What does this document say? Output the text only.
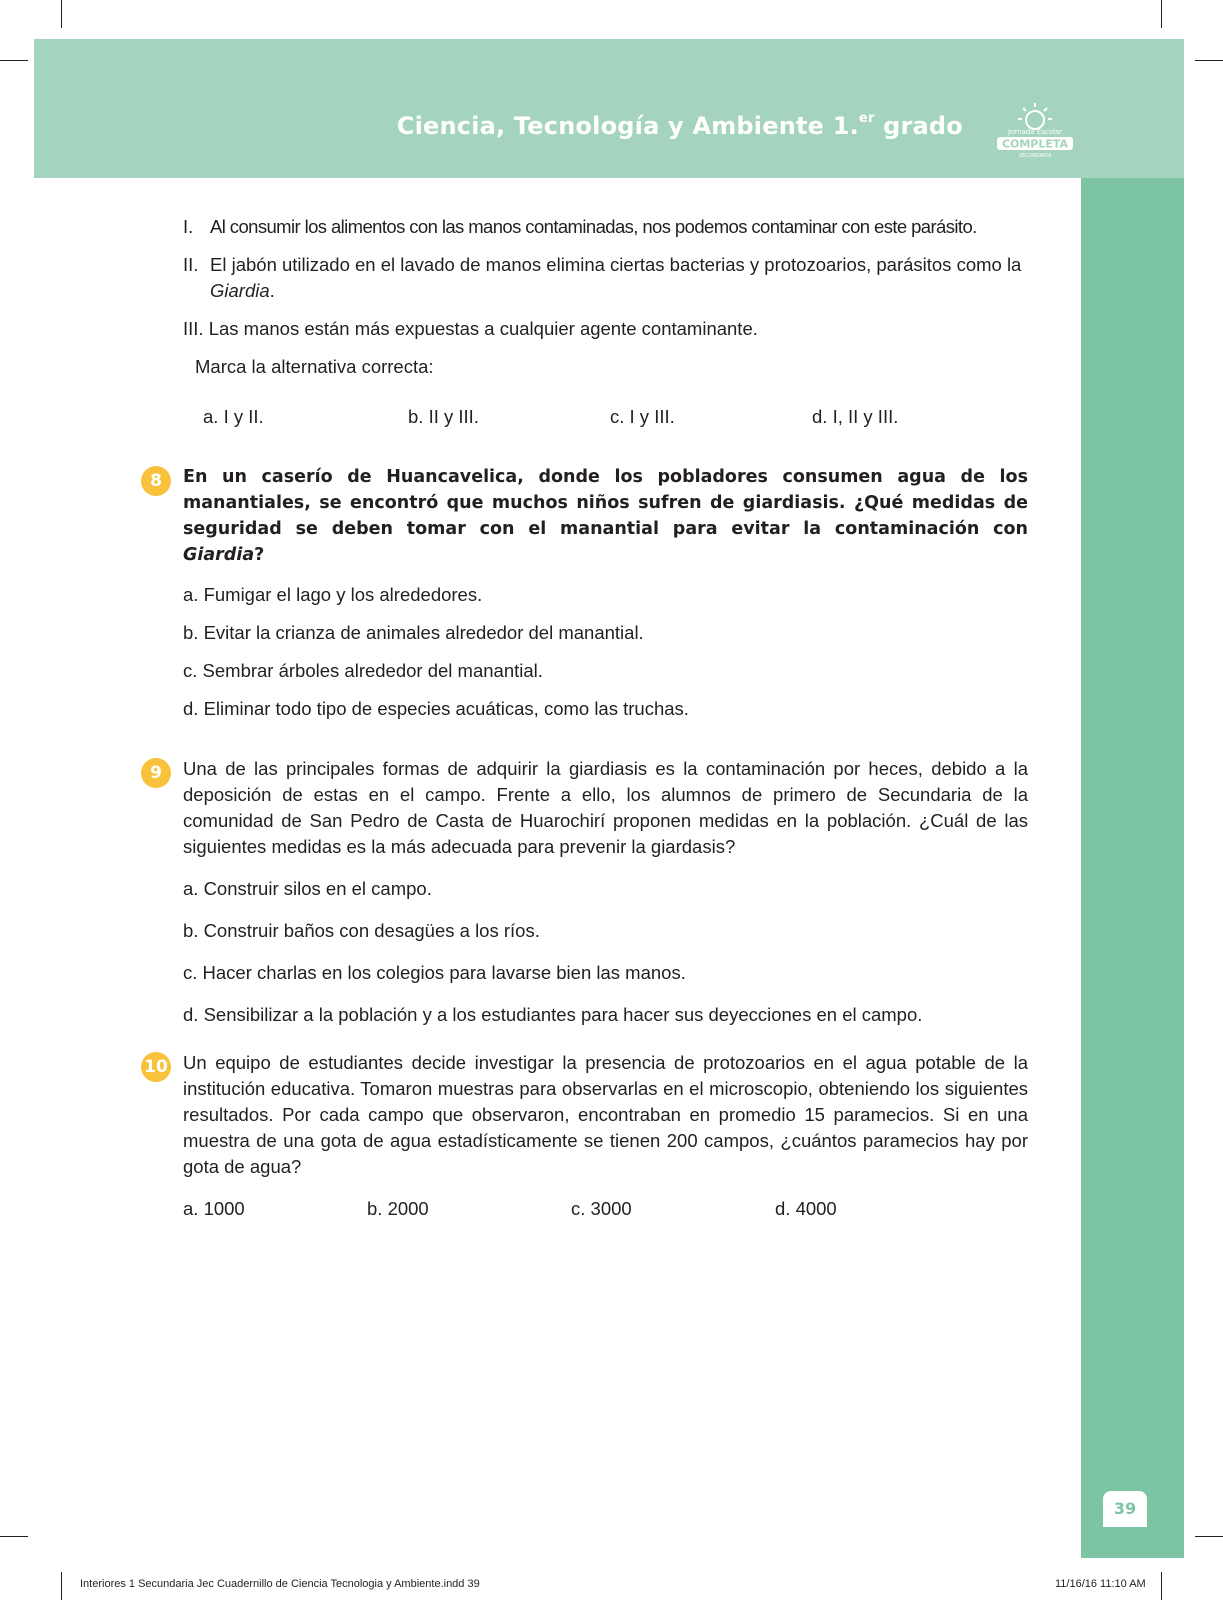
Ciencia, Tecnología y Ambiente 1.$^{er}$ grado	Jornada Escolar
COMPLETA
SECUNDARIA
39
I. Al consumir los alimentos con las manos contaminadas, nos podemos contaminar con este parásito.
II. El jabón utilizado en el lavado de manos elimina ciertas bacterias y protozoarios, parásitos como la Giardia.
III. Las manos están más expuestas a cualquier agente contaminante.
Marca la alternativa correcta:
a. I y II.	b. II y III.	c. I y III.	d. I, II y III.
8	En un caserío de Huancavelica, donde los pobladores consumen agua de los manantiales, se encontró que muchos niños sufren de giardiasis. ¿Qué medidas de seguridad se deben tomar con el manantial para evitar la contaminación con Giardia?

a. Fumigar el lago y los alrededores.
b. Evitar la crianza de animales alrededor del manantial.
c. Sembrar árboles alrededor del manantial.
d. Eliminar todo tipo de especies acuáticas, como las truchas.
9	Una de las principales formas de adquirir la giardiasis es la contaminación por heces, debido a la deposición de estas en el campo. Frente a ello, los alumnos de primero de Secundaria de la comunidad de San Pedro de Casta de Huarochirí proponen medidas en la población. ¿Cuál de las siguientes medidas es la más adecuada para prevenir la giardasis?

a. Construir silos en el campo.
b. Construir baños con desagües a los ríos.
c. Hacer charlas en los colegios para lavarse bien las manos.
d. Sensibilizar a la población y a los estudiantes para hacer sus deyecciones en el campo.
10 Un equipo de estudiantes decide investigar la presencia de protozoarios en el agua potable de la institución educativa. Tomaron muestras para observarlas en el microscopio, obteniendo los siguientes resultados. Por cada campo que observaron, encontraban en promedio 15 paramecios. Si en una muestra de una gota de agua estadísticamente se tienen 200 campos, ¿cuántos paramecios hay por gota de agua?

a. 1000	b. 2000	c. 3000	d. 4000
Interiores 1 Secundaria Jec Cuadernillo de Ciencia Tecnologia y Ambiente.indd 39	11/16/16 11:10 AM
